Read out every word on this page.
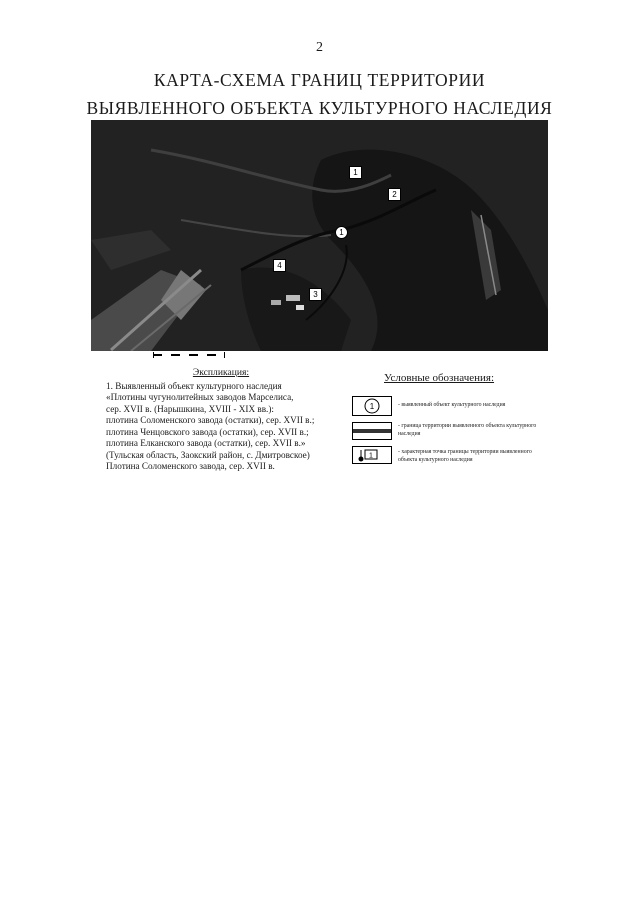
2
КАРТА-СХЕМА ГРАНИЦ ТЕРРИТОРИИ
ВЫЯВЛЕННОГО ОБЪЕКТА КУЛЬТУРНОГО НАСЛЕДИЯ
1
2
1
4
3
Экспликация:

1. Выявленный объект культурного наследия

«Плотины чугунолитейных заводов Марселиса,

сер. XVII в. (Нарышкина, XVIII - XIX вв.):

плотина Соломенского завода (остатки), сер. XVII в.;

плотина Ченцовского завода (остатки), сер. XVII в.;

плотина Елканского завода (остатки), сер. XVII в.»

(Тульская область, Заокский район, с. Дмитровское)

Плотина Соломенского завода, сер. XVII в.

Условные обозначения:
1	- выявленный объект культурного наследия
- граница территории выявленного объекта культурного наследия
1
- характерная точка границы территории выявленного объекта культурного наследия
